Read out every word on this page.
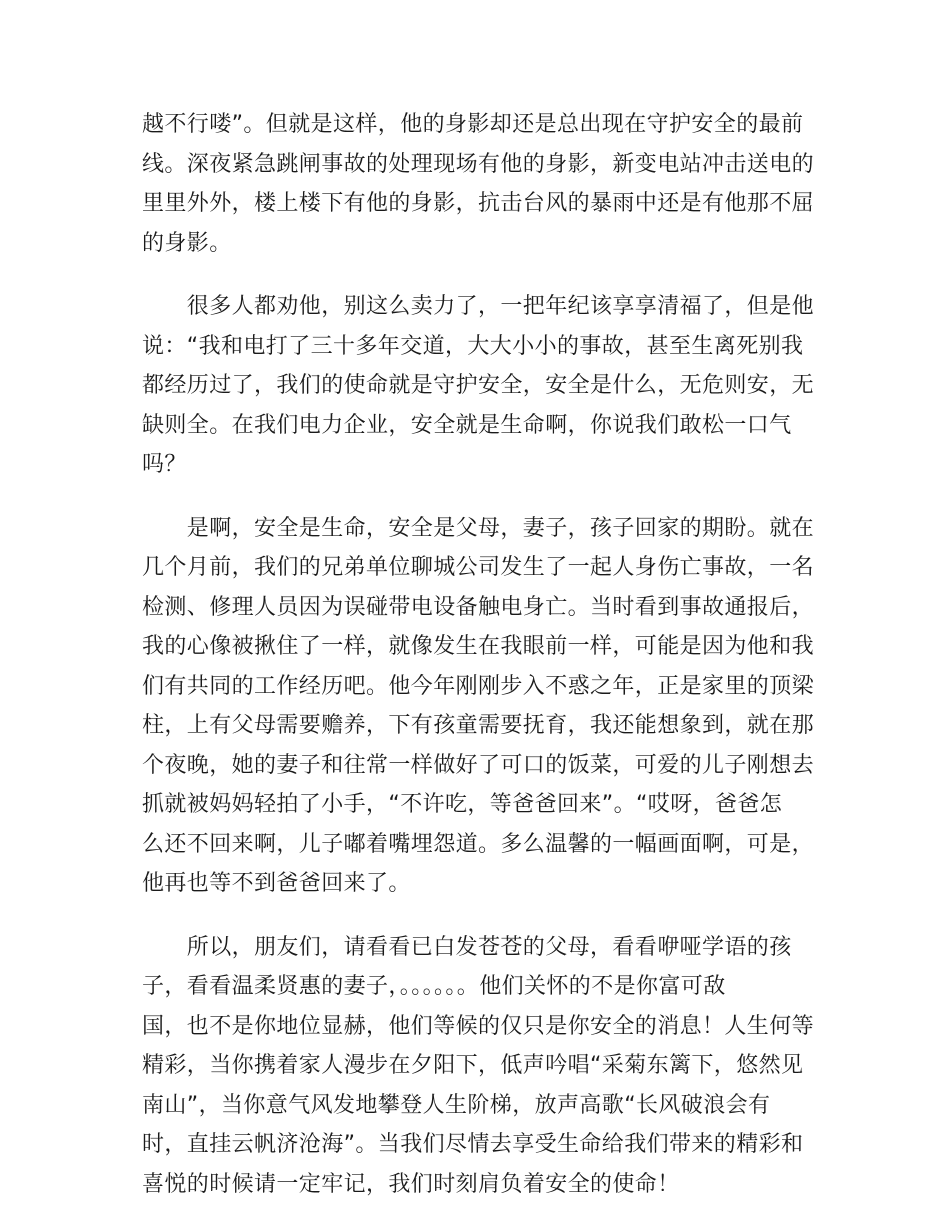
越不行喽”。但就是这样，他的身影却还是总出现在守护安全的最前
线。深夜紧急跳闸事故的处理现场有他的身影，新变电站冲击送电的
里里外外，楼上楼下有他的身影，抗击台风的暴雨中还是有他那不屈
的身影。
　　很多人都劝他，别这么卖力了，一把年纪该享享清福了，但是他
说：“我和电打了三十多年交道，大大小小的事故，甚至生离死别我
都经历过了，我们的使命就是守护安全，安全是什么，无危则安，无
缺则全。在我们电力企业，安全就是生命啊，你说我们敢松一口气
吗？
　　是啊，安全是生命，安全是父母，妻子，孩子回家的期盼。就在
几个月前，我们的兄弟单位聊城公司发生了一起人身伤亡事故，一名
检测、修理人员因为误碰带电设备触电身亡。当时看到事故通报后，
我的心像被揪住了一样，就像发生在我眼前一样，可能是因为他和我
们有共同的工作经历吧。他今年刚刚步入不惑之年，正是家里的顶梁
柱，上有父母需要赡养，下有孩童需要抚育，我还能想象到，就在那
个夜晚，她的妻子和往常一样做好了可口的饭菜，可爱的儿子刚想去
抓就被妈妈轻拍了小手，“不许吃，等爸爸回来”。“哎呀，爸爸怎
么还不回来啊，儿子嘟着嘴埋怨道。多么温馨的一幅画面啊，可是，
他再也等不到爸爸回来了。
　　所以，朋友们，请看看已白发苍苍的父母，看看咿哑学语的孩
子，看看温柔贤惠的妻子，。。。。。。他们关怀的不是你富可敌
国，也不是你地位显赫，他们等候的仅只是你安全的消息！人生何等
精彩，当你携着家人漫步在夕阳下，低声吟唱“采菊东篱下，悠然见
南山”，当你意气风发地攀登人生阶梯，放声高歌“长风破浪会有
时，直挂云帆济沧海”。当我们尽情去享受生命给我们带来的精彩和
喜悦的时候请一定牢记，我们时刻肩负着安全的使命！
